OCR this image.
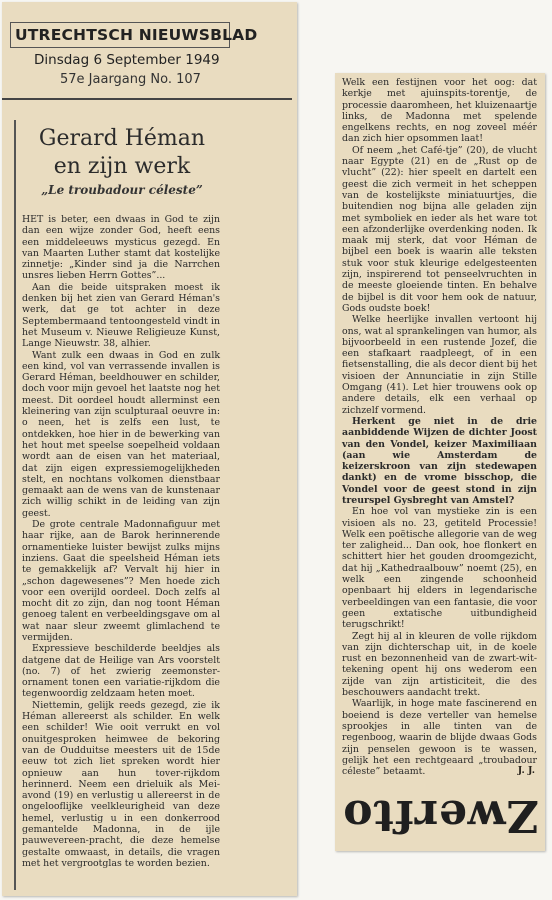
UTRECHTSCH NIEUWSBLAD
Dinsdag 6 September 1949
57e Jaargang No. 107
Gerard Héman
en zijn werk
„Le troubadour céleste”

HET is beter, een dwaas in God te zijn dan een wijze zonder God, heeft eens een middeleeuws mysticus gezegd. En van Maarten Luther stamt dat kostelijke zinnetje: „Kinder sind ja die Narrchen unsres lieben Herrn Gottes”...

Aan die beide uitspraken moest ik denken bij het zien van Gerard Héman's werk, dat ge tot achter in deze Septembermaand tentoongesteld vindt in het Museum v. Nieuwe Religieuze Kunst, Lange Nieuwstr. 38, alhier.

Want zulk een dwaas in God en zulk een kind, vol van verrassende invallen is Gerard Héman, beeldhouwer en schilder, doch voor mijn gevoel het laatste nog het meest. Dit oordeel houdt allerminst een kleinering van zijn sculpturaal oeuvre in: o neen, het is zelfs een lust, te ontdekken, hoe hier in de bewerking van het hout met speelse soepelheid voldaan wordt aan de eisen van het materiaal, dat zijn eigen expressiemogelijkheden stelt, en nochtans volkomen dienstbaar gemaakt aan de wens van de kunstenaar zich willig schikt in de leiding van zijn geest.

De grote centrale Madonnafiguur met haar rijke, aan de Barok herinnerende ornamentieke luister bewijst zulks mijns inziens. Gaat die speelsheid Héman iets te gemakkelijk af? Vervalt hij hier in „schon dagewesenes”? Men hoede zich voor een overijld oordeel. Doch zelfs al mocht dit zo zijn, dan nog toont Héman genoeg talent en verbeeldingsgave om al wat naar sleur zweemt glimlachend te vermijden.

Expressieve beschilderde beeldjes als datgene dat de Heilige van Ars voorstelt (no. 7) of het zwierig zeemonster-ornament tonen een variatie-rijkdom die tegenwoordig zeldzaam heten moet.

Niettemin, gelijk reeds gezegd, zie ik Héman allereerst als schilder. En welk een schilder! Wie ooit verrukt en vol onuitgesproken heimwee de bekoring van de Oudduitse meesters uit de 15de eeuw tot zich liet spreken wordt hier opnieuw aan hun tover-rijkdom herinnerd. Neem een drieluik als Mei-avond (19) en verlustig u allereerst in de ongelooflijke veelkleurigheid van deze hemel, verlustig u in een donkerrood gemantelde Madonna, in de ijle pauwevereen-pracht, die deze hemelse gestalte omwaast, in details, die vragen met het vergrootglas te worden bezien.

Welk een festijnen voor het oog: dat kerkje met ajuinspits-torentje, de processie daaromheen, het kluizenaartje links, de Madonna met spelende engelkens rechts, en nog zoveel méér dan zich hier opsommen laat!

Of neem „het Café-tje” (20), de vlucht naar Egypte (21) en de „Rust op de vlucht” (22): hier speelt en dartelt een geest die zich vermeit in het scheppen van de kostelijkste miniatuurtjes, die buitendien nog bijna alle geladen zijn met symboliek en ieder als het ware tot een afzonderlijke overdenking noden. Ik maak mij sterk, dat voor Héman de bijbel een boek is waarin alle teksten stuk voor stuk kleurige edelgesteenten zijn, inspirerend tot penseelvruchten in de meeste gloeiende tinten. En behalve de bijbel is dit voor hem ook de natuur, Gods oudste boek!

Welke heerlijke invallen vertoont hij ons, wat al sprankelingen van humor, als bijvoorbeeld in een rustende Jozef, die een stafkaart raadpleegt, of in een fietsenstalling, die als decor dient bij het visioen der Annunciatie in zijn Stille Omgang (41). Let hier trouwens ook op andere details, elk een verhaal op zichzelf vormend.

Herkent ge niet in de drie aanbiddende Wijzen de dichter Joost van den Vondel, keizer Maximiliaan (aan wie Amsterdam de keizerskroon van zijn stedewapen dankt) en de vrome bisschop, die Vondel voor de geest stond in zijn treurspel Gysbreght van Amstel?

En hoe vol van mystieke zin is een visioen als no. 23, getiteld Processie! Welk een poëtische allegorie van de weg ter zaligheid... Dan ook, hoe flonkert en schittert hier het gouden droomgezicht, dat hij „Kathedraalbouw” noemt (25), en welk een zingende schoonheid openbaart hij elders in legendarische verbeeldingen van een fantasie, die voor geen extatische uitbundigheid terugschrikt!

Zegt hij al in kleuren de volle rijkdom van zijn dichterschap uit, in de koele rust en bezonnenheid van de zwart-wit-tekening opent hij ons wederom een zijde van zijn artisticiteit, die des beschouwers aandacht trekt.

Waarlijk, in hoge mate fascinerend en boeiend is deze verteller van hemelse sprookjes in alle tinten van de regenboog, waarin de blijde dwaas Gods zijn penselen gewoon is te wassen, gelijk het een rechtgeaard „troubadour céleste” betaamt.	J. J.
Zwerfto
